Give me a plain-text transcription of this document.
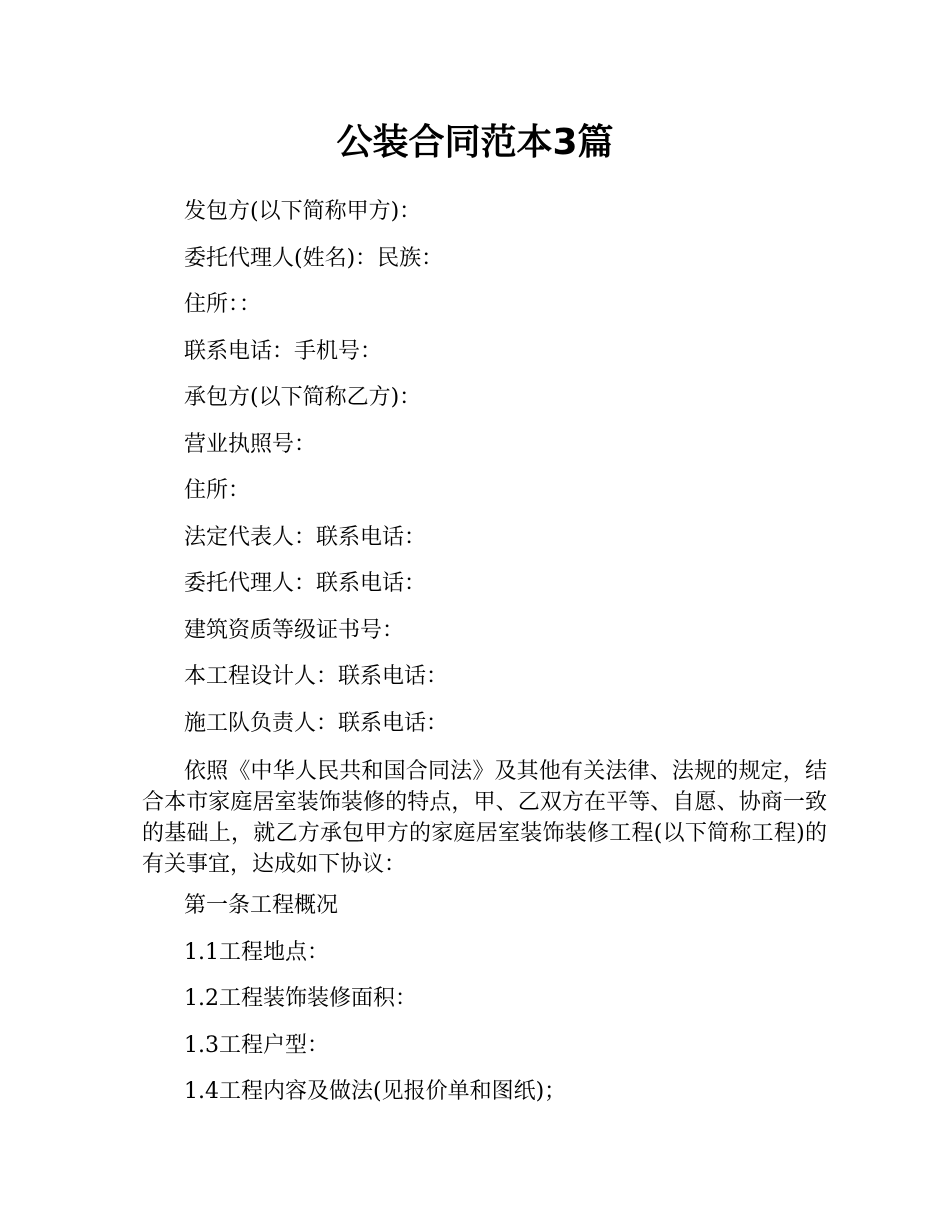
公装合同范本3篇

发包方(以下简称甲方)：

委托代理人(姓名)：民族：

住所：：

联系电话：手机号：

承包方(以下简称乙方)：

营业执照号：

住所：

法定代表人：联系电话：

委托代理人：联系电话：

建筑资质等级证书号：

本工程设计人：联系电话：

施工队负责人：联系电话：

依照《中华人民共和国合同法》及其他有关法律、法规的规定，结合本市家庭居室装饰装修的特点，甲、乙双方在平等、自愿、协商一致的基础上，就乙方承包甲方的家庭居室装饰装修工程(以下简称工程)的有关事宜，达成如下协议：

第一条工程概况

1.1工程地点：

1.2工程装饰装修面积：

1.3工程户型：

1.4工程内容及做法(见报价单和图纸)；
